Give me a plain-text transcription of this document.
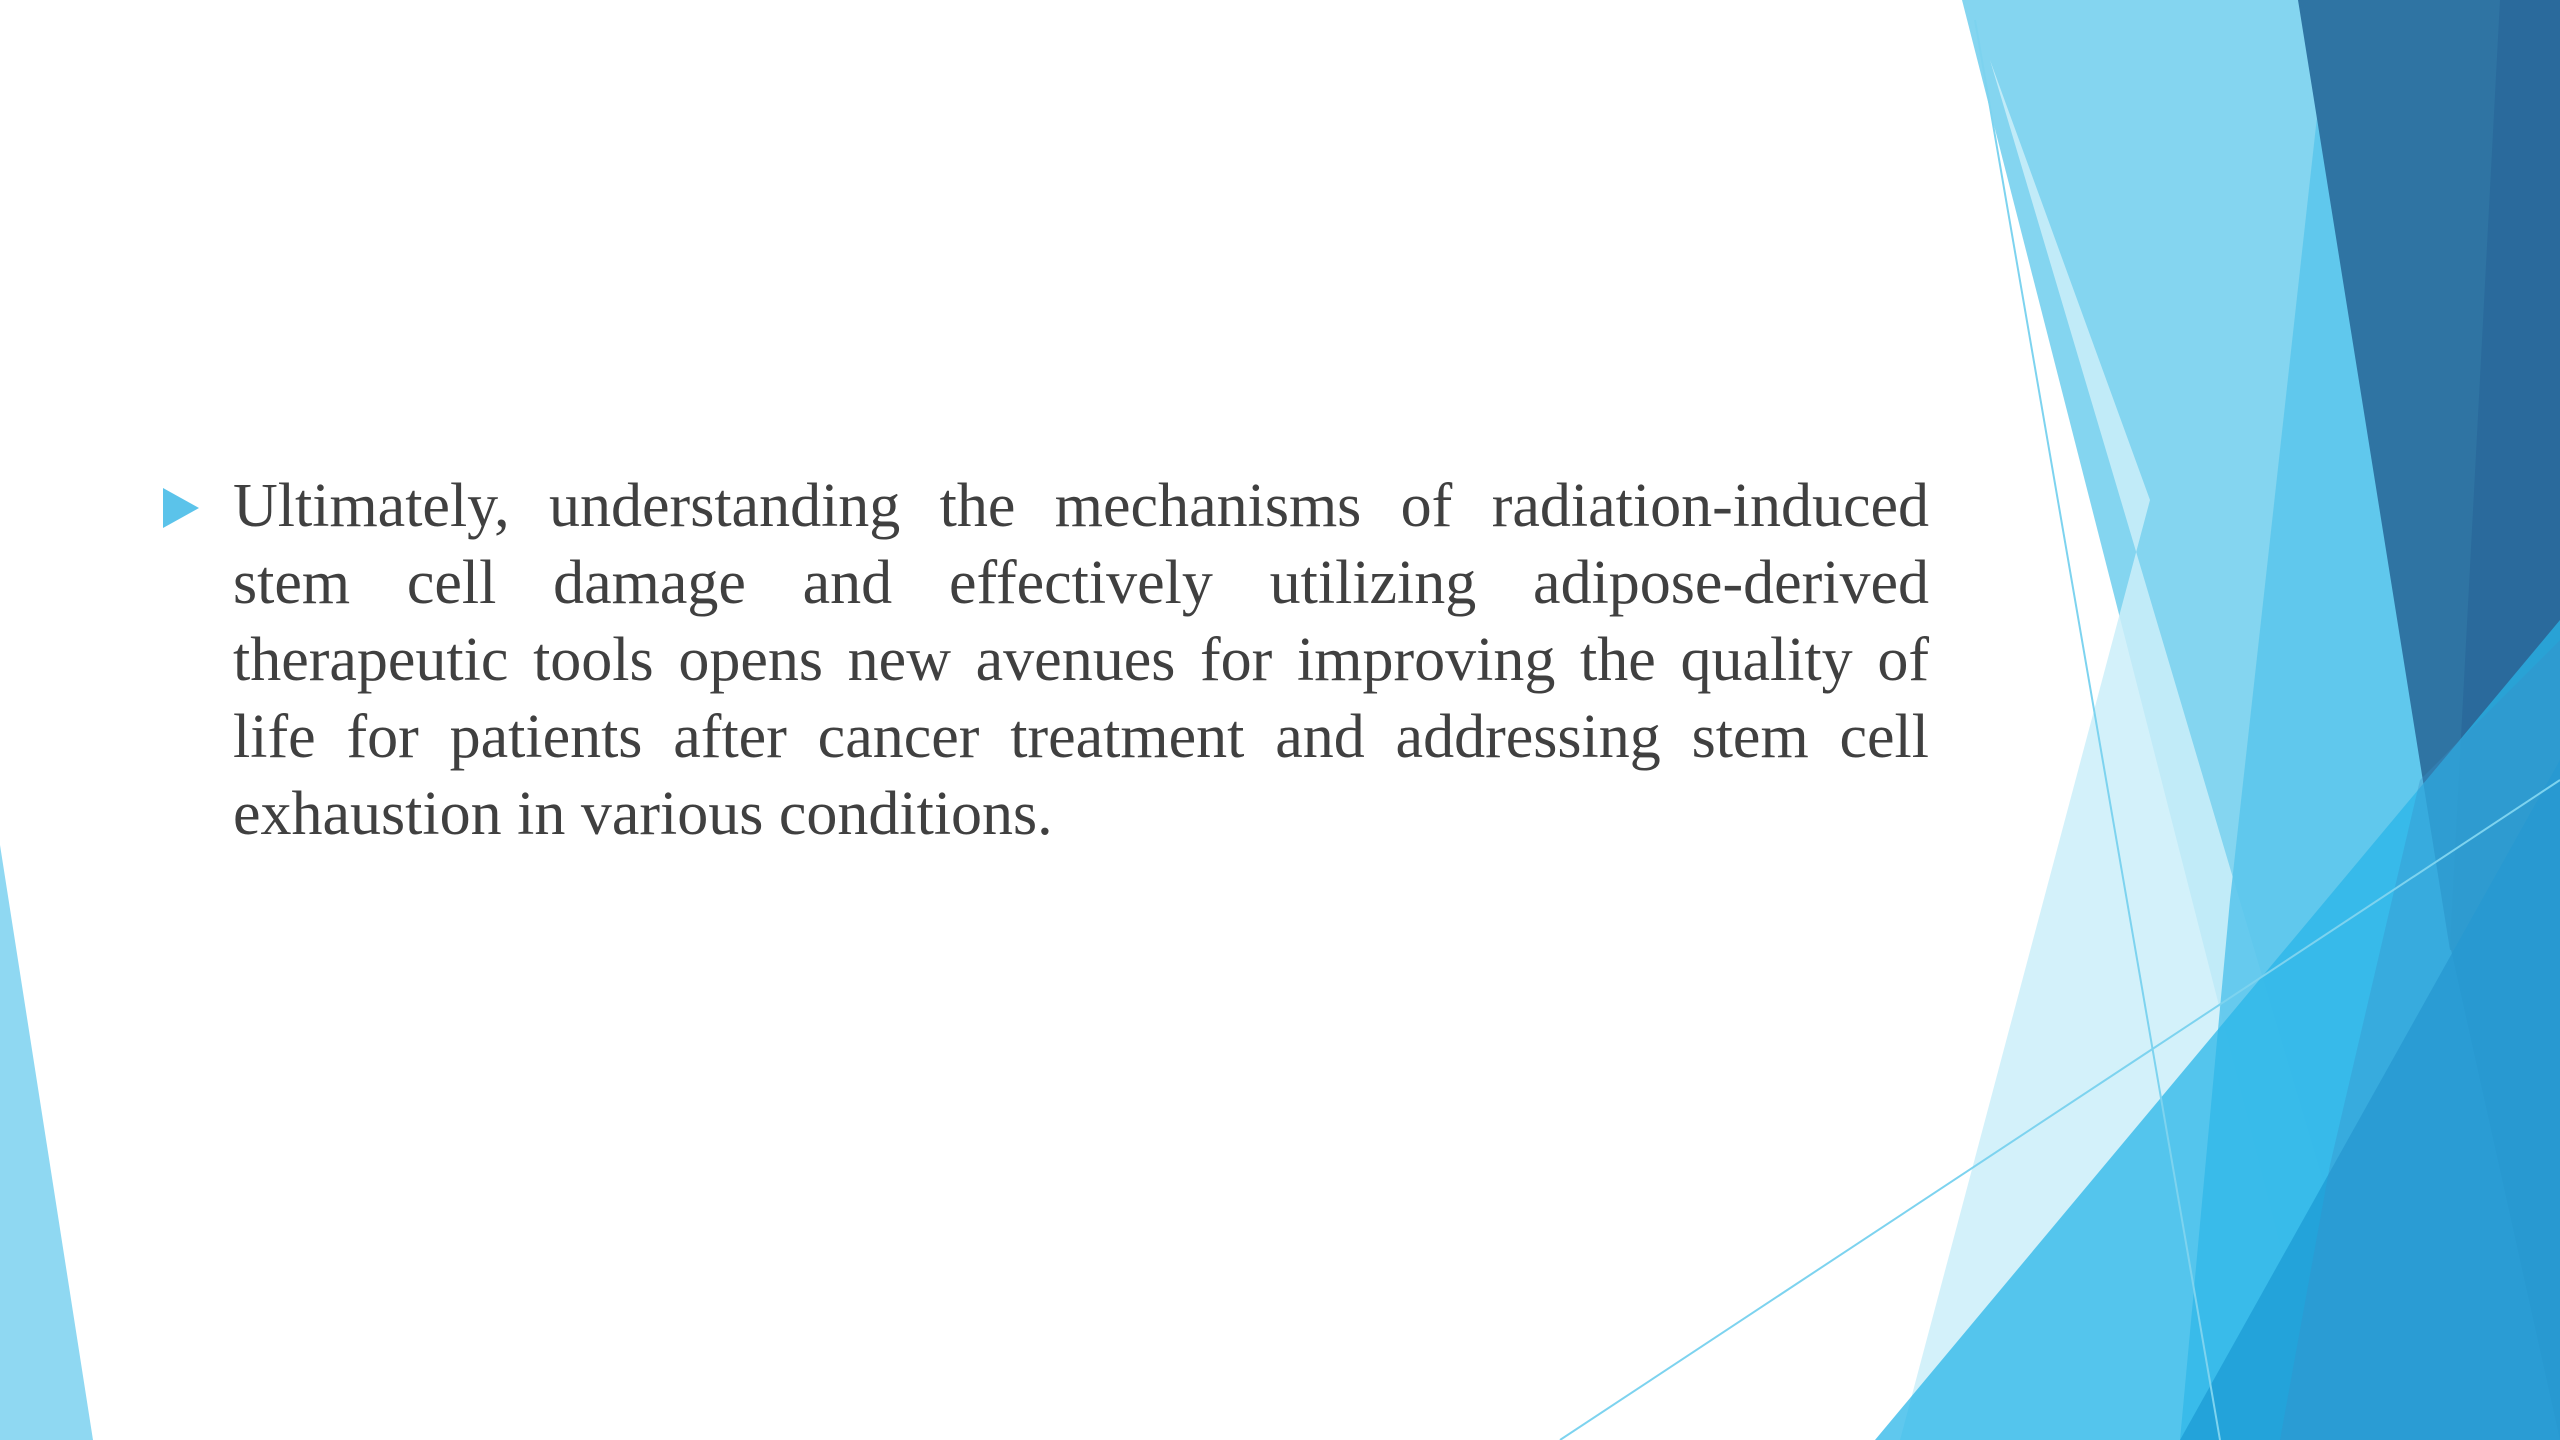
Ultimately, understanding the mechanisms of radiation-induced stem cell damage and effectively utilizing adipose-derived therapeutic tools opens new avenues for improving the quality of life for patients after cancer treatment and addressing stem cell exhaustion in various conditions.
